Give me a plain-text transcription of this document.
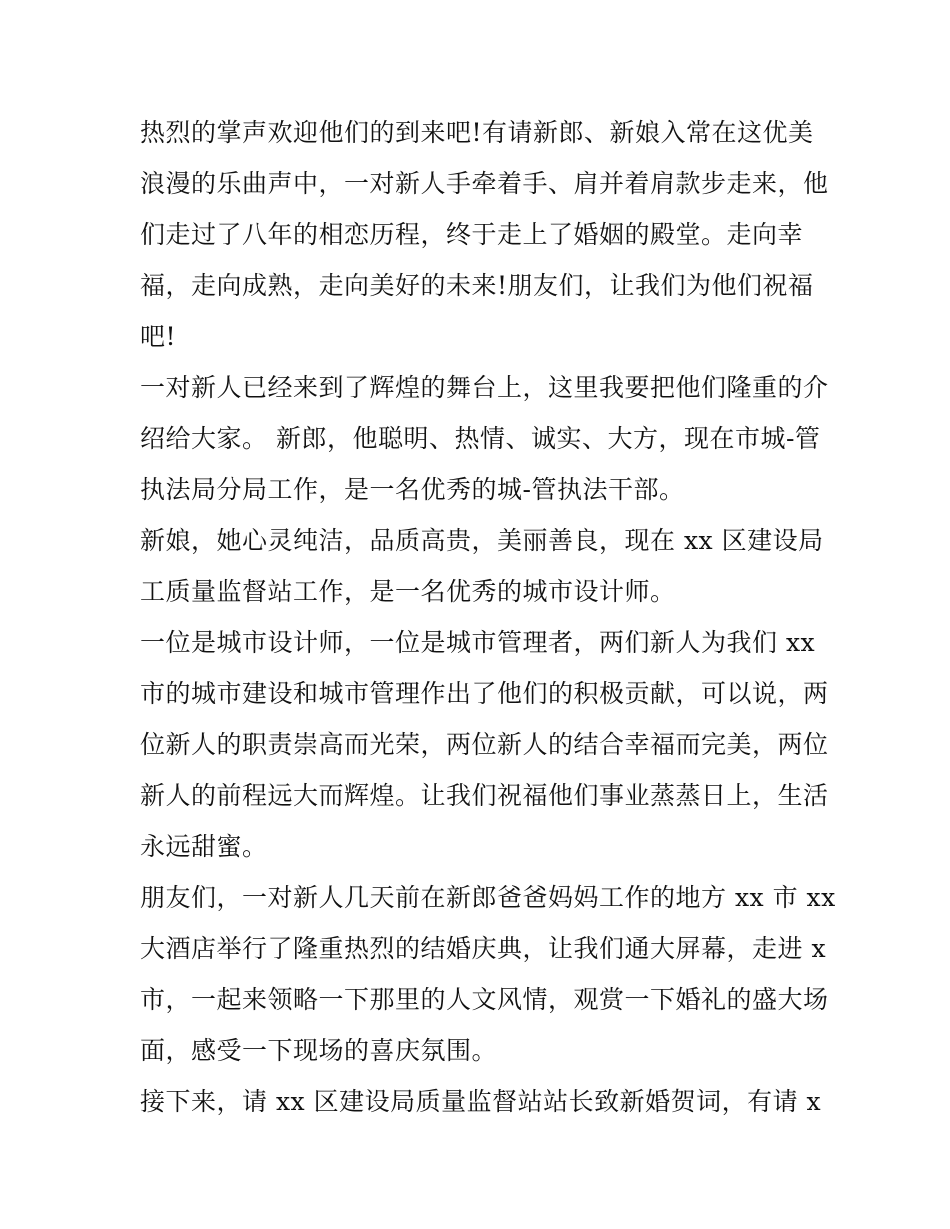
热烈的掌声欢迎他们的到来吧!有请新郎、新娘入常在这优美
浪漫的乐曲声中，一对新人手牵着手、肩并着肩款步走来，他
们走过了八年的相恋历程，终于走上了婚姻的殿堂。走向幸
福，走向成熟，走向美好的未来!朋友们，让我们为他们祝福
吧!
一对新人已经来到了辉煌的舞台上，这里我要把他们隆重的介
绍给大家。 新郎，他聪明、热情、诚实、大方，现在市城-管
执法局分局工作，是一名优秀的城-管执法干部。
新娘，她心灵纯洁，品质高贵，美丽善良，现在 xx 区建设局
工质量监督站工作，是一名优秀的城市设计师。
一位是城市设计师，一位是城市管理者，两们新人为我们 xx
市的城市建设和城市管理作出了他们的积极贡献，可以说，两
位新人的职责崇高而光荣，两位新人的结合幸福而完美，两位
新人的前程远大而辉煌。让我们祝福他们事业蒸蒸日上，生活
永远甜蜜。
朋友们，一对新人几天前在新郎爸爸妈妈工作的地方 xx 市 xx
大酒店举行了隆重热烈的结婚庆典，让我们通大屏幕，走进 x
市，一起来领略一下那里的人文风情，观赏一下婚礼的盛大场
面，感受一下现场的喜庆氛围。
接下来，请 xx 区建设局质量监督站站长致新婚贺词，有请 x
